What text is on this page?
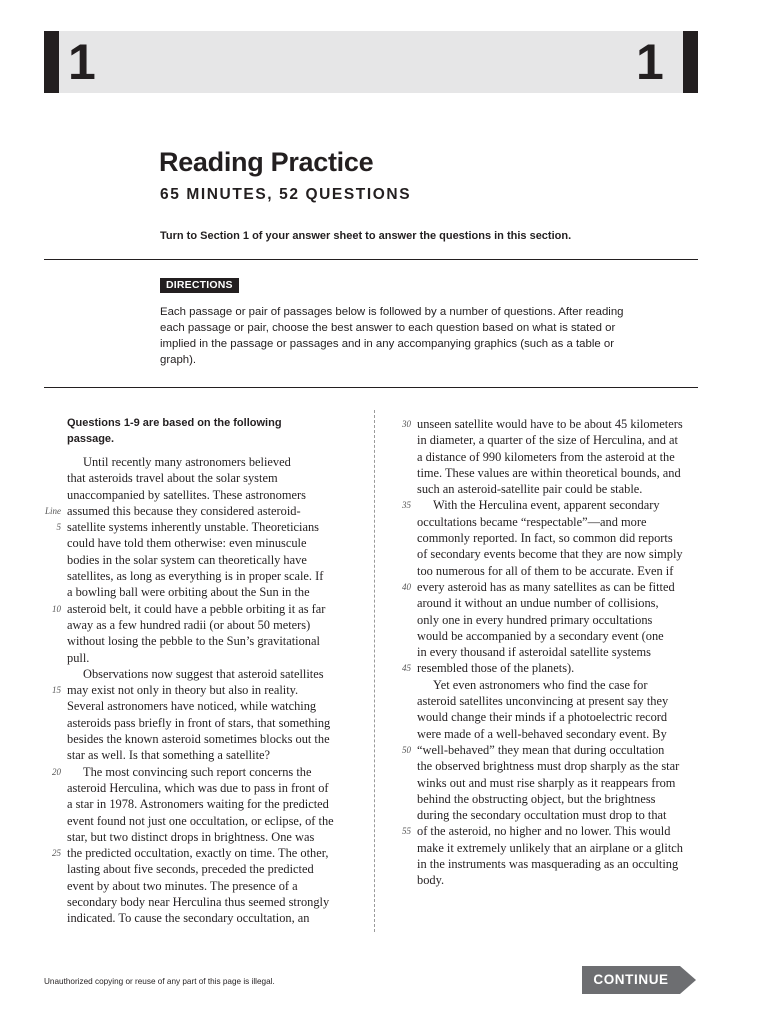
1	1
Reading Practice
65 MINUTES, 52 QUESTIONS
Turn to Section 1 of your answer sheet to answer the questions in this section.
DIRECTIONS
Each passage or pair of passages below is followed by a number of questions. After reading
each passage or pair, choose the best answer to each question based on what is stated or
implied in the passage or passages and in any accompanying graphics (such as a table or
graph).
Questions 1-9 are based on the following
passage.
Until recently many astronomers believed
that asteroids travel about the solar system
unaccompanied by satellites. These astronomers
Line assumed this because they considered asteroid-
5 satellite systems inherently unstable. Theoreticians
could have told them otherwise: even minuscule
bodies in the solar system can theoretically have
satellites, as long as everything is in proper scale. If
a bowling ball were orbiting about the Sun in the
10 asteroid belt, it could have a pebble orbiting it as far
away as a few hundred radii (or about 50 meters)
without losing the pebble to the Sun’s gravitational
pull.
Observations now suggest that asteroid satellites
15 may exist not only in theory but also in reality.
Several astronomers have noticed, while watching
asteroids pass briefly in front of stars, that something
besides the known asteroid sometimes blocks out the
star as well. Is that something a satellite?
20 The most convincing such report concerns the
asteroid Herculina, which was due to pass in front of
a star in 1978. Astronomers waiting for the predicted
event found not just one occultation, or eclipse, of the
star, but two distinct drops in brightness. One was
25 the predicted occultation, exactly on time. The other,
lasting about five seconds, preceded the predicted
event by about two minutes. The presence of a
secondary body near Herculina thus seemed strongly
indicated. To cause the secondary occultation, an
30 unseen satellite would have to be about 45 kilometers
in diameter, a quarter of the size of Herculina, and at
a distance of 990 kilometers from the asteroid at the
time. These values are within theoretical bounds, and
such an asteroid-satellite pair could be stable.
35 With the Herculina event, apparent secondary
occultations became “respectable”—and more
commonly reported. In fact, so common did reports
of secondary events become that they are now simply
too numerous for all of them to be accurate. Even if
40 every asteroid has as many satellites as can be fitted
around it without an undue number of collisions,
only one in every hundred primary occultations
would be accompanied by a secondary event (one
in every thousand if asteroidal satellite systems
45 resembled those of the planets).
Yet even astronomers who find the case for
asteroid satellites unconvincing at present say they
would change their minds if a photoelectric record
were made of a well-behaved secondary event. By
50 “well-behaved” they mean that during occultation
the observed brightness must drop sharply as the star
winks out and must rise sharply as it reappears from
behind the obstructing object, but the brightness
during the secondary occultation must drop to that
55 of the asteroid, no higher and no lower. This would
make it extremely unlikely that an airplane or a glitch
in the instruments was masquerading as an occulting
body.
Unauthorized copying or reuse of any part of this page is illegal.	CONTINUE
